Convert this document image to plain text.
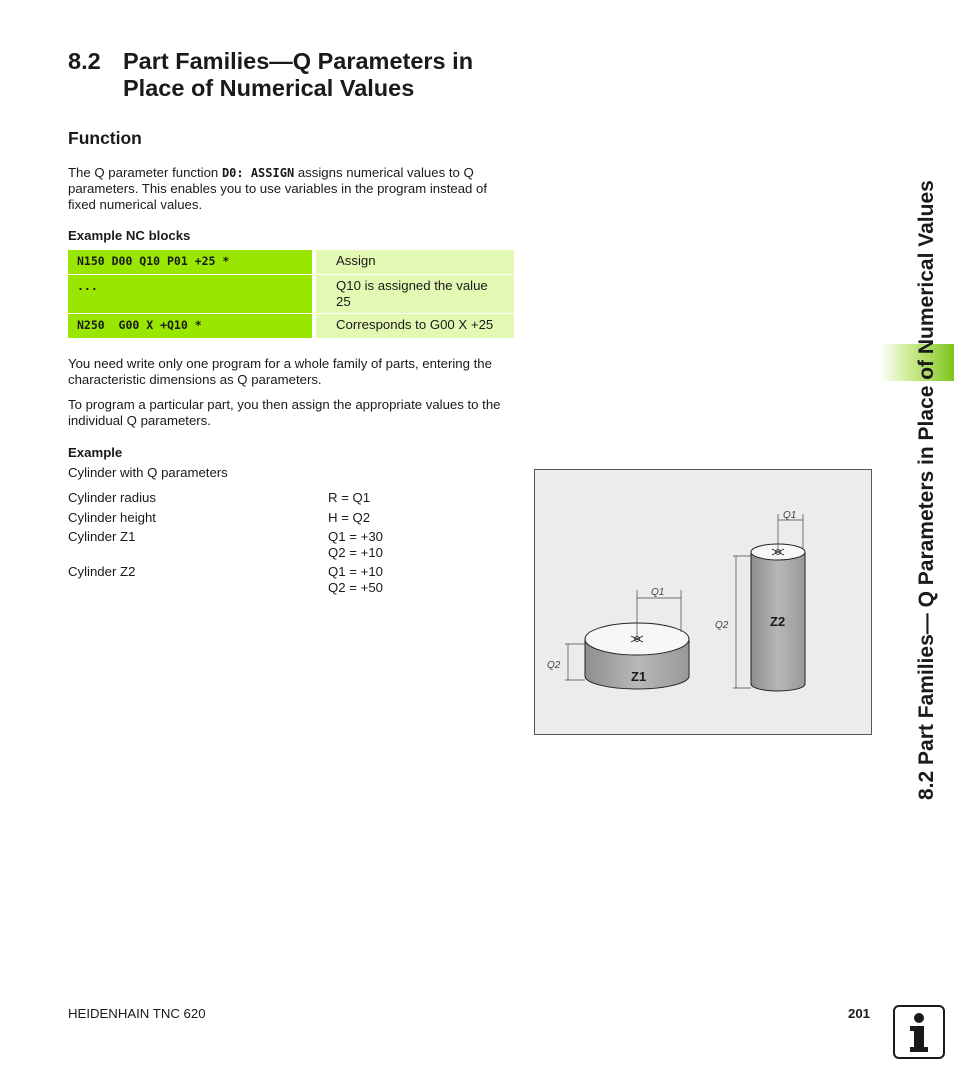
8.2 Part Families—Q Parameters in Place of Numerical Values
Function

The Q parameter function D0: ASSIGN assigns numerical values to Q parameters. This enables you to use variables in the program instead of fixed numerical values.

Example NC blocks

N150 D00 Q10 P01 +25 *		Assign
...		Q10 is assigned the value 25
N250  G00 X +Q10 *		Corresponds to G00 X +25

You need write only one program for a whole family of parts, entering the characteristic dimensions as Q parameters.

To program a particular part, you then assign the appropriate values to the individual Q parameters.

Example

Cylinder with Q parameters

Cylinder radius	R = Q1

Cylinder height	H = Q2

Cylinder Z1	Q1 = +30

Q2 = +10

Cylinder Z2	Q1 = +10

Q2 = +50

Z1
Q1
Q2
Z2
Q1
Q2	8.2 Part Families— Q Parameters in Place of Numerical Values

HEIDENHAIN TNC 620	201
